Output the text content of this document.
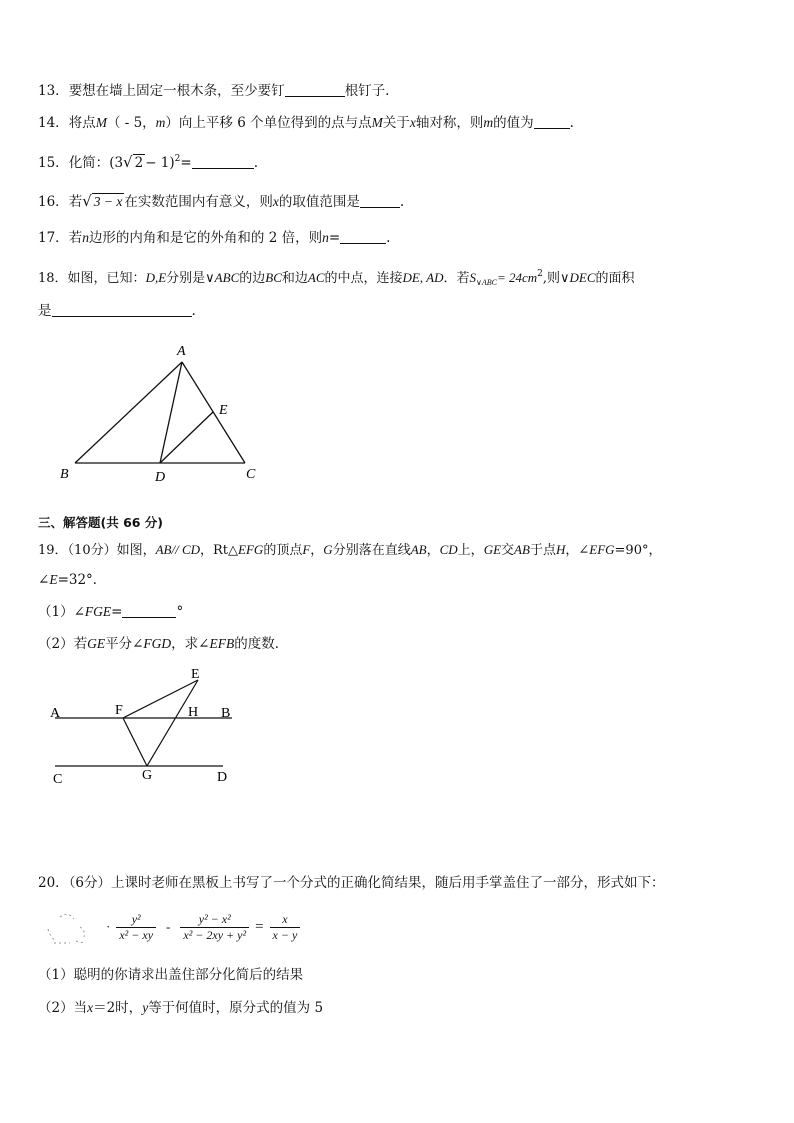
13．要想在墙上固定一根木条，至少要钉	根钉子.
14．将点M（ - 5，m）向上平移 6 个单位得到的点与点M关于x轴对称，则m的值为	.
15．化简：(3√ 2 − 1)$^2$=	.
16．若√ 3 − x 在实数范围内有意义，则x的取值范围是	.
17．若n边形的内角和是它的外角和的 2 倍，则n=	.
18．如图，已知：D,E分别是∨ABC的边BC和边AC的中点，连接DE, AD．若$S_{\vee ABC}= 24cm^2$,则∨DEC的面积
是	.
A
B	C
D
E
三、解答题(共 66 分)
19．（10分）如图，AB// CD，Rt△EFG的顶点F，G分别落在直线AB，CD上，GE交AB于点H，∠EFG=90°，
∠E=32°．
（1）∠FGE=	°
（2）若GE平分∠FGD，求∠EFB的度数．
A	B
C	D
E
F
G
H
20．（6分）上课时老师在黑板上书写了一个分式的正确化简结果，随后用手掌盖住了一部分，形式如下：
· $\frac{\text{y²}}{\text{x² − xy}} - \frac{\text{y² − x²}}{\text{x² − 2xy + y²}} = \frac{x}{x - y}$
（1）聪明的你请求出盖住部分化简后的结果
（2）当x＝2时，y等于何值时，原分式的值为 5
